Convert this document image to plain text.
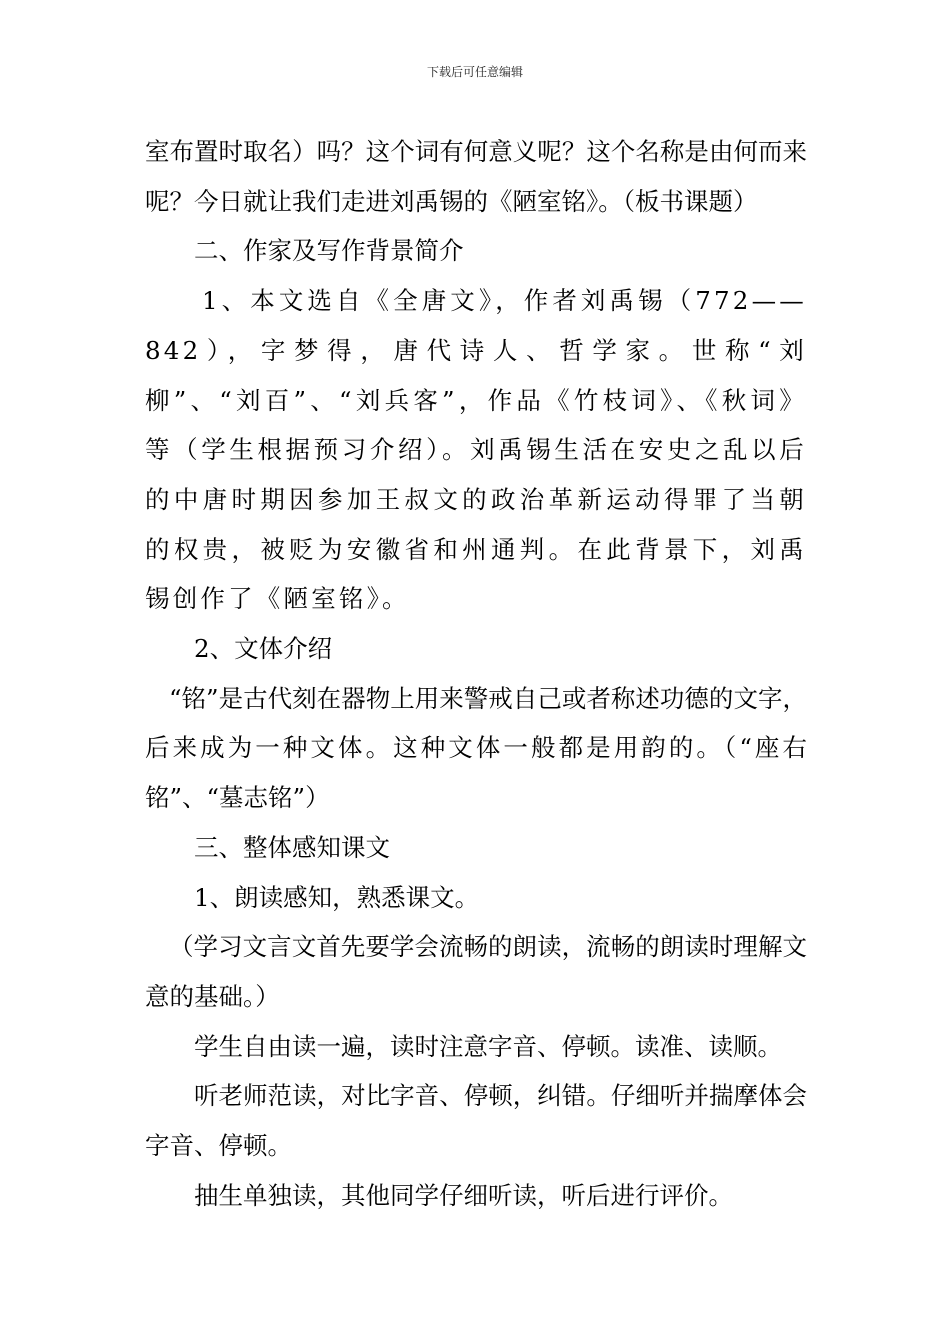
下载后可任意编辑

室布置时取名）吗？这个词有何意义呢？这个名称是由何而来呢？今日就让我们走进刘禹锡的《陋室铭》。（板书课题）

二、作家及写作背景简介

1、本文选自《全唐文》，作者刘禹锡（772——842），字梦得，唐代诗人、哲学家。世称“刘柳”、“刘百”、“刘兵客”，作品《竹枝词》、《秋词》等（学生根据预习介绍）。刘禹锡生活在安史之乱以后的中唐时期因参加王叔文的政治革新运动得罪了当朝的权贵，被贬为安徽省和州通判。在此背景下，刘禹锡创作了《陋室铭》。

2、文体介绍

“铭”是古代刻在器物上用来警戒自己或者称述功德的文字，后来成为一种文体。这种文体一般都是用韵的。（“座右铭”、“墓志铭”）

三、整体感知课文

1、朗读感知，熟悉课文。

（学习文言文首先要学会流畅的朗读，流畅的朗读时理解文意的基础。）

学生自由读一遍，读时注意字音、停顿。读准、读顺。

听老师范读，对比字音、停顿，纠错。仔细听并揣摩体会字音、停顿。

抽生单独读，其他同学仔细听读，听后进行评价。
